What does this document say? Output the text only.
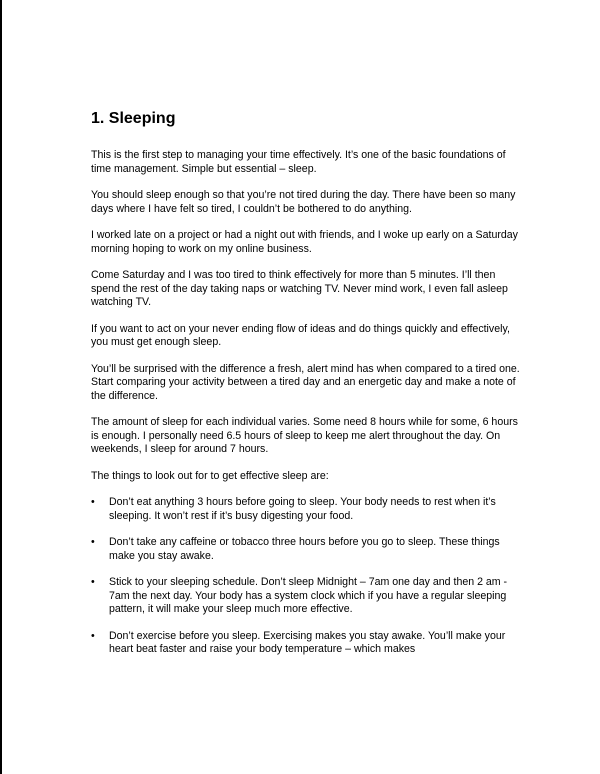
1. Sleeping

This is the first step to managing your time effectively. It’s one of the basic foundations of time management. Simple but essential – sleep.

You should sleep enough so that you’re not tired during the day. There have been so many days where I have felt so tired, I couldn’t be bothered to do anything.

I worked late on a project or had a night out with friends, and I woke up early on a Saturday morning hoping to work on my online business.

Come Saturday and I was too tired to think effectively for more than 5 minutes. I’ll then spend the rest of the day taking naps or watching TV. Never mind work, I even fall asleep watching TV.

If you want to act on your never ending flow of ideas and do things quickly and effectively, you must get enough sleep.

You’ll be surprised with the difference a fresh, alert mind has when compared to a tired one. Start comparing your activity between a tired day and an energetic day and make a note of the difference.

The amount of sleep for each individual varies. Some need 8 hours while for some, 6 hours is enough. I personally need 6.5 hours of sleep to keep me alert throughout the day. On weekends, I sleep for around 7 hours.

The things to look out for to get effective sleep are:

•	Don’t eat anything 3 hours before going to sleep. Your body needs to rest when it’s sleeping. It won’t rest if it’s busy digesting your food.
•	Don’t take any caffeine or tobacco three hours before you go to sleep. These things make you stay awake.
•	Stick to your sleeping schedule. Don’t sleep Midnight – 7am one day and then 2 am - 7am the next day. Your body has a system clock which if you have a regular sleeping pattern, it will make your sleep much more effective.
•	Don’t exercise before you sleep. Exercising makes you stay awake. You’ll make your heart beat faster and raise your body temperature – which makes
